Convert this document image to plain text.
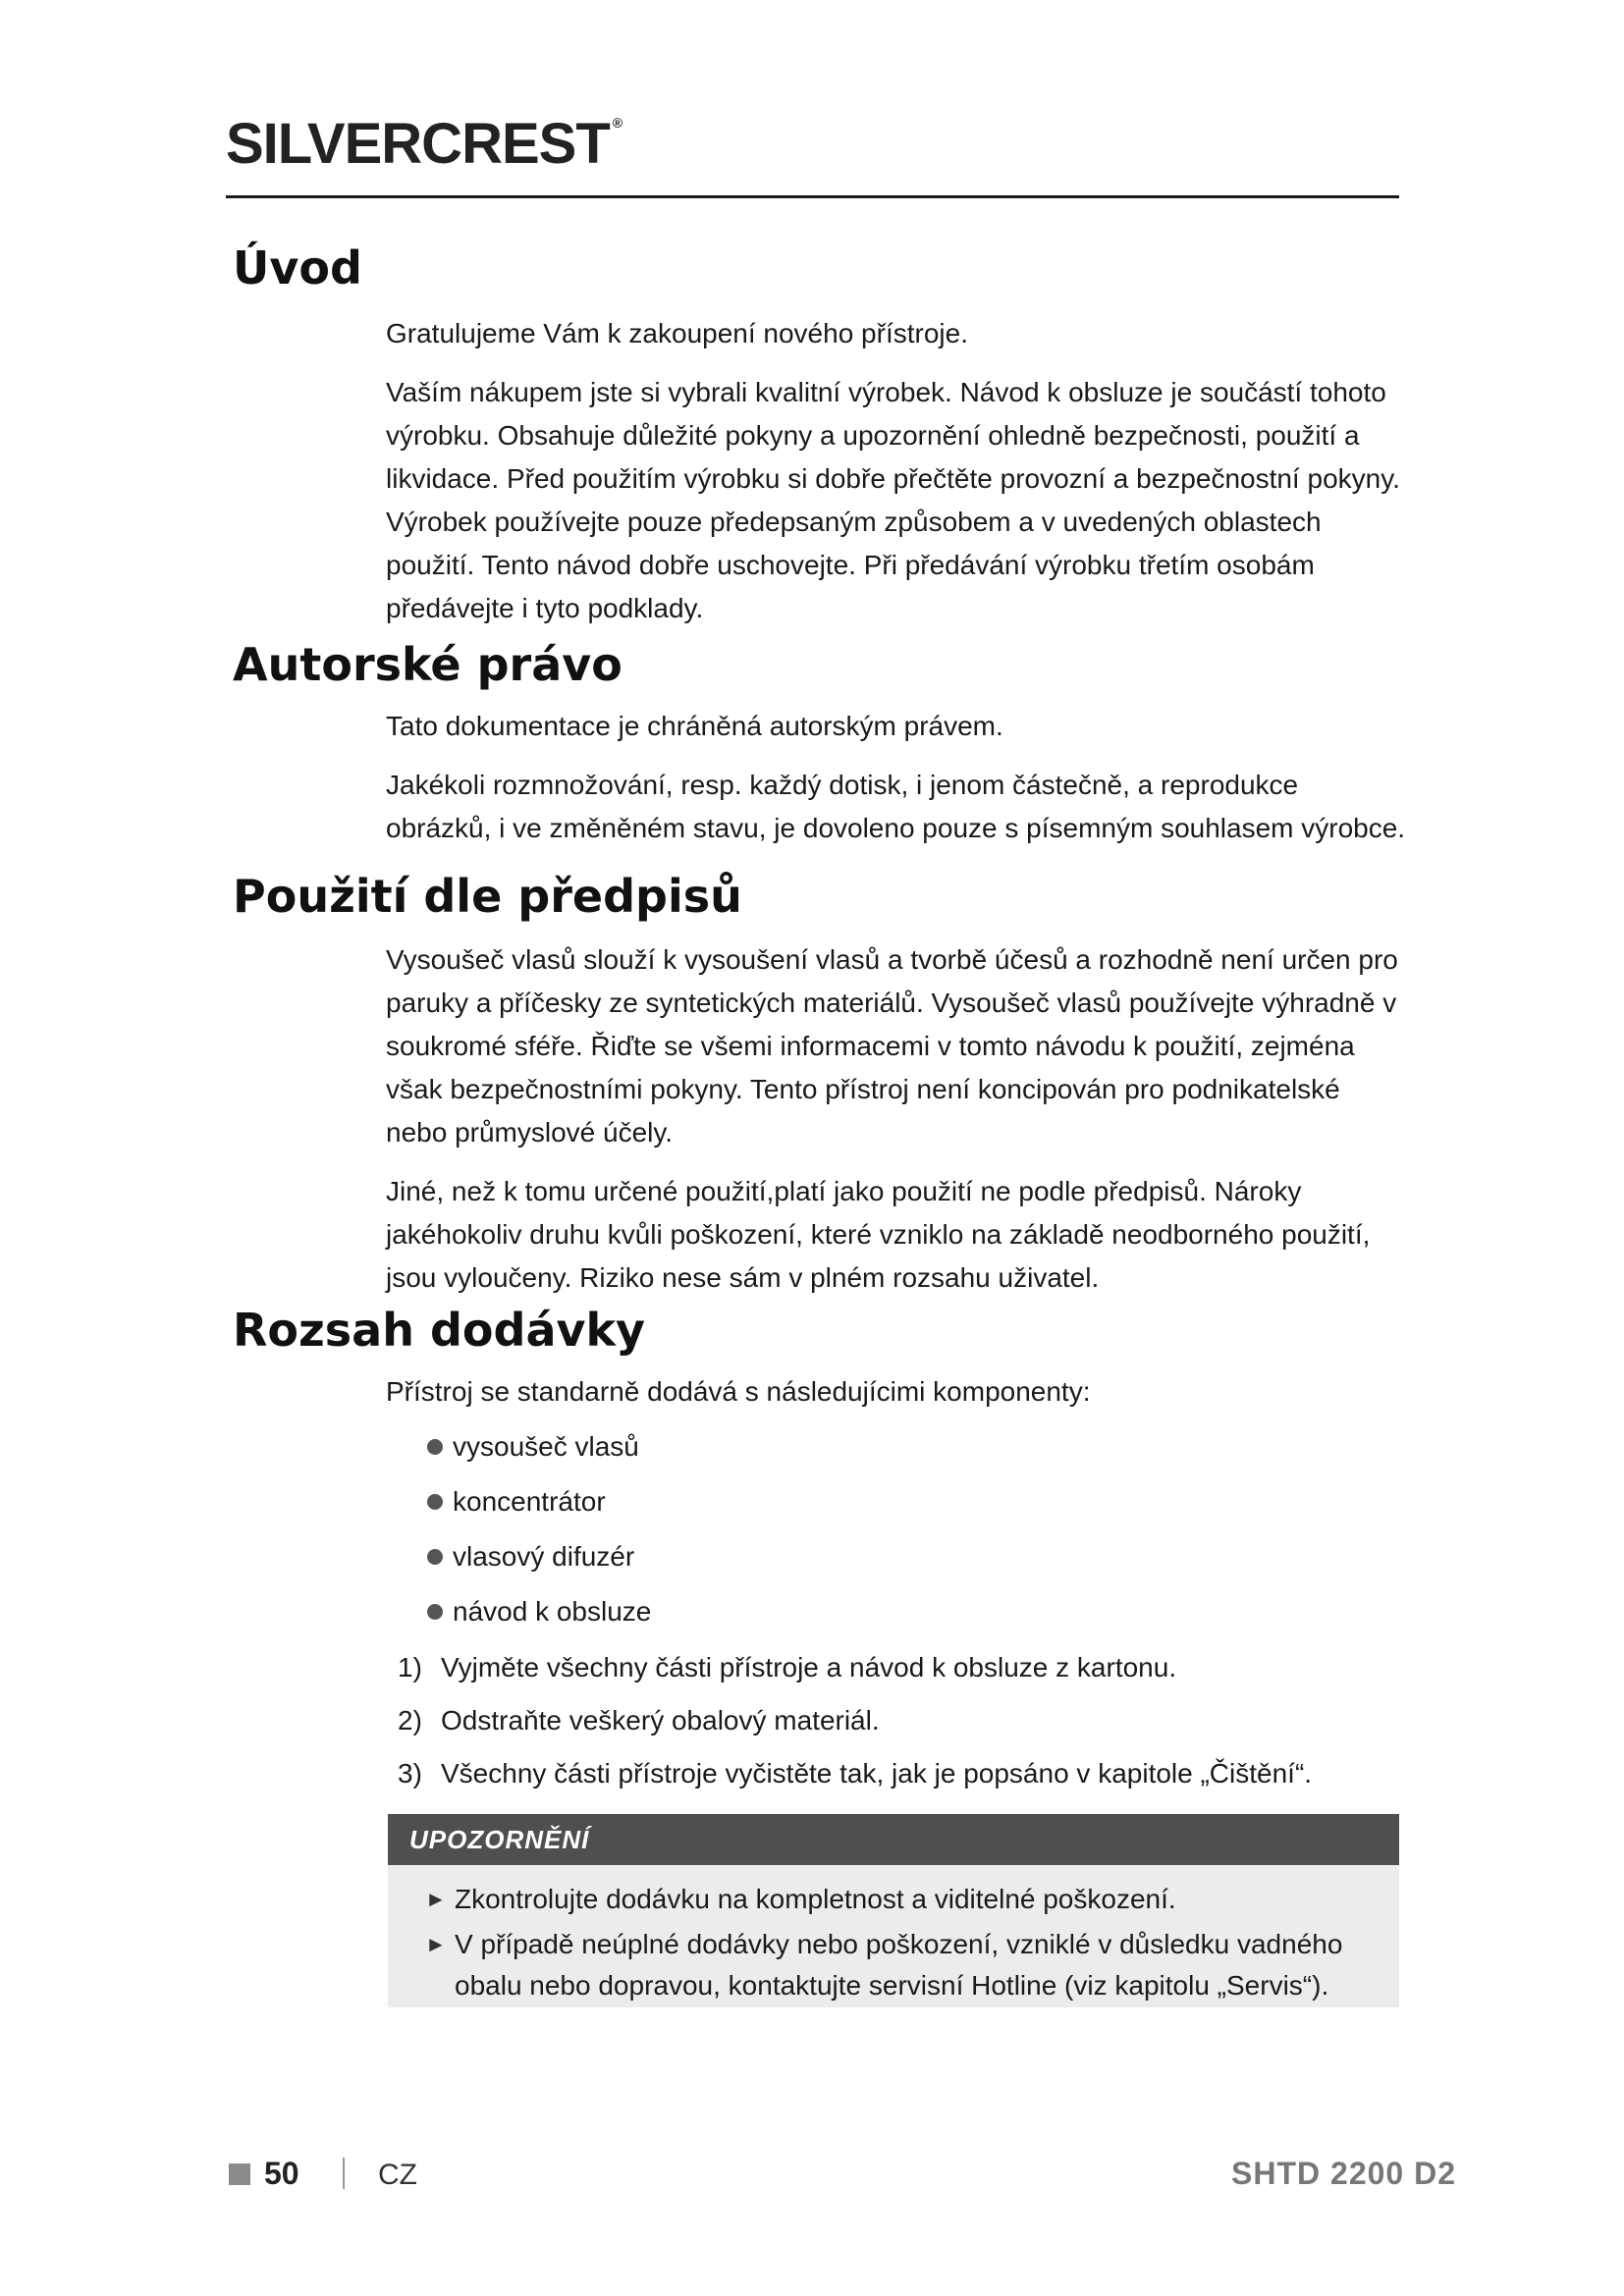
SILVERCREST ®
Úvod

Gratulujeme Vám k zakoupení nového přístroje.

Vaším nákupem jste si vybrali kvalitní výrobek. Návod k obsluze je součástí tohoto výrobku. Obsahuje důležité pokyny a upozornění ohledně bezpečnosti, použití a likvidace. Před použitím výrobku si dobře přečtěte provozní a bezpečnostní pokyny. Výrobek používejte pouze předepsaným způsobem a v uvedených oblastech použití. Tento návod dobře uschovejte. Při předávání výrobku třetím osobám předávejte i tyto podklady.

Autorské právo

Tato dokumentace je chráněná autorským právem.

Jakékoli rozmnožování, resp. každý dotisk, i jenom částečně, a reprodukce obrázků, i ve změněném stavu, je dovoleno pouze s písemným souhlasem výrobce.

Použití dle předpisů

Vysoušeč vlasů slouží k vysoušení vlasů a tvorbě účesů a rozhodně není určen pro paruky a příčesky ze syntetických materiálů. Vysoušeč vlasů používejte výhradně v soukromé sféře. Řiďte se všemi informacemi v tomto návodu k použití, zejména však bezpečnostními pokyny. Tento přístroj není koncipován pro podnikatelské nebo průmyslové účely.

Jiné, než k tomu určené použití,platí jako použití ne podle předpisů. Nároky jakéhokoliv druhu kvůli poškození, které vzniklo na základě neodborného použití, jsou vyloučeny. Riziko nese sám v plném rozsahu uživatel.

Rozsah dodávky

Přístroj se standarně dodává s následujícimi komponenty:

vysoušeč vlasů
koncentrátor
vlasový difuzér
návod k obsluze
1) Vyjměte všechny části přístroje a návod k obsluze z kartonu.
2) Odstraňte veškerý obalový materiál.
3) Všechny části přístroje vyčistěte tak, jak je popsáno v kapitole „Čištění“.
UPOZORNĚNÍ
► Zkontrolujte dodávku na kompletnost a viditelné poškození.
► V případě neúplné dodávky nebo poškození, vzniklé v důsledku vadného obalu nebo dopravou, kontaktujte servisní Hotline (viz kapitolu „Servis“).
50	CZ	SHTD 2200 D2
